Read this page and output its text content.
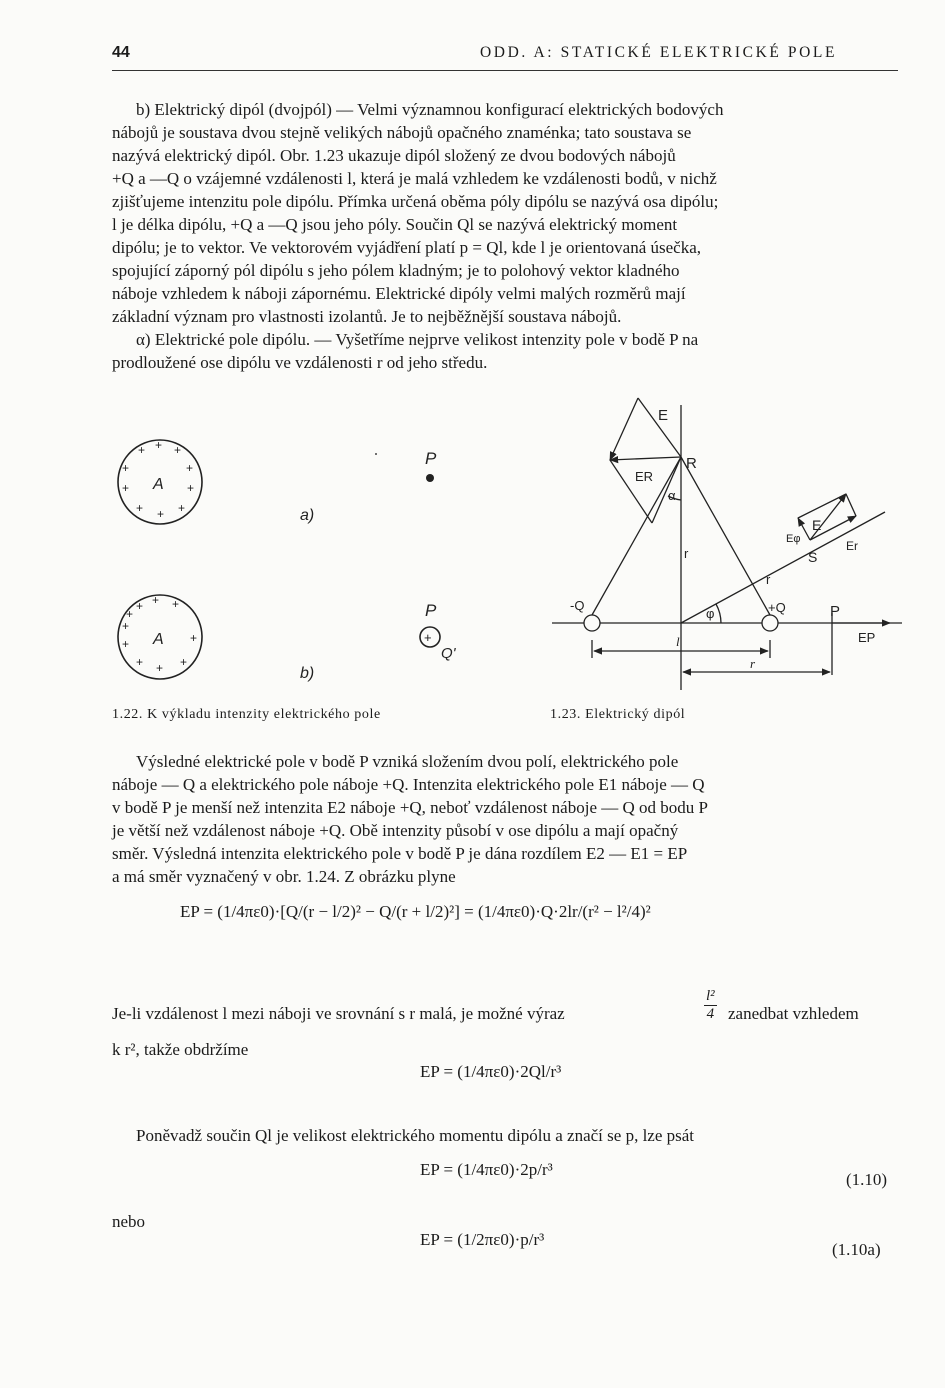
44	ODD. A: STATICKÉ ELEKTRICKÉ POLE
b) Elektrický dipól (dvojpól) — Velmi významnou konfigurací elektrických bodových
nábojů je soustava dvou stejně velikých nábojů opačného znaménka; tato soustava se
nazývá elektrický dipól. Obr. 1.23 ukazuje dipól složený ze dvou bodových nábojů
+Q a —Q o vzájemné vzdálenosti l, která je malá vzhledem ke vzdálenosti bodů, v nichž
zjišťujeme intenzitu pole dipólu. Přímka určená oběma póly dipólu se nazývá osa dipólu;
l je délka dipólu, +Q a —Q jsou jeho póly. Součin Ql se nazývá elektrický moment
dipólu; je to vektor. Ve vektorovém vyjádření platí p = Ql, kde l je orientovaná úsečka,
spojující záporný pól dipólu s jeho pólem kladným; je to polohový vektor kladného
náboje vzhledem k náboji zápornému. Elektrické dipóly velmi malých rozměrů mají
základní význam pro vlastnosti izolantů. Je to nejběžnější soustava nábojů.
α) Elektrické pole dipólu. — Vyšetříme nejprve velikost intenzity pole v bodě P na
prodloužené ose dipólu ve vzdálenosti r od jeho středu.
+ + +
+
+
+
+
+
+
+
A
P
a)
+ + +
+
+
+
+
+
+
+
A
P
+
Q'
b)
E
ER
R
α
r
-Q	+Q	P
EP
l
r
φ
r
S
E
Eφ	Er
1.22. K výkladu intenzity elektrického pole	1.23. Elektrický dipól
Výsledné elektrické pole v bodě P vzniká složením dvou polí, elektrického pole
náboje — Q a elektrického pole náboje +Q. Intenzita elektrického pole E1 náboje — Q
v bodě P je menší než intenzita E2 náboje +Q, neboť vzdálenost náboje — Q od bodu P
je větší než vzdálenost náboje +Q. Obě intenzity působí v ose dipólu a mají opačný
směr. Výsledná intenzita elektrického pole v bodě P je dána rozdílem E2 — E1 = EP
a má směr vyznačený v obr. 1.24. Z obrázku plyne
EP = (1/4πε0)·[Q/(r − l/2)² − Q/(r + l/2)²] = (1/4πε0)·Q·2lr/(r² − l²/4)²
Je-li vzdálenost l mezi náboji ve srovnání s r malá, je možné výraz
l²
4 zanedbat vzhledem
k r², takže obdržíme
EP = (1/4πε0)·2Ql/r³
Poněvadž součin Ql je velikost elektrického momentu dipólu a značí se p, lze psát
EP = (1/4πε0)·2p/r³
(1.10)
nebo
EP = (1/2πε0)·p/r³
(1.10a)
